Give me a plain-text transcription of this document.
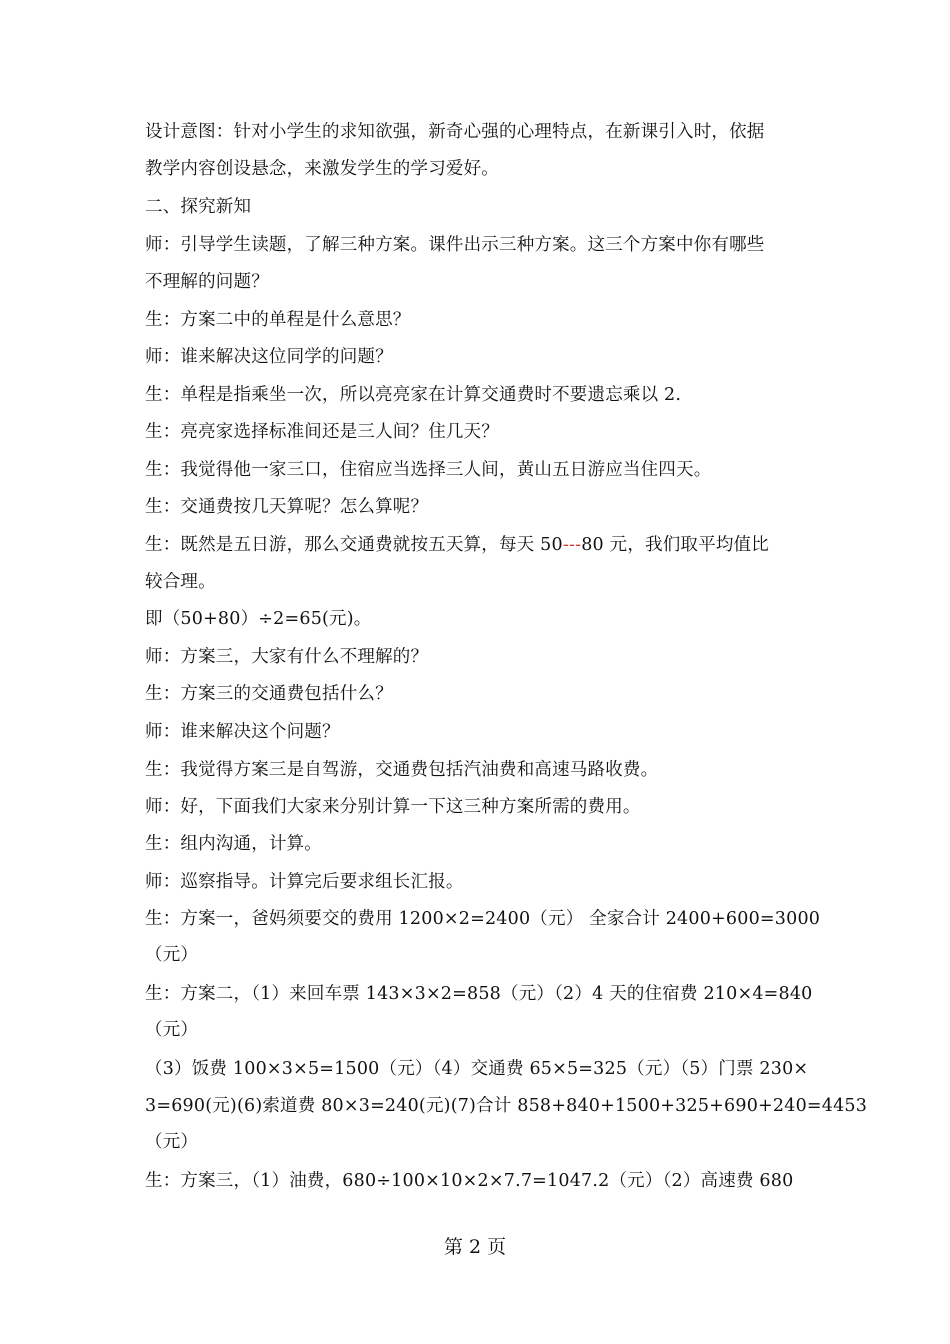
设计意图：针对小学生的求知欲强，新奇心强的心理特点，在新课引入时，依据
教学内容创设悬念，来激发学生的学习爱好。
二、探究新知
师：引导学生读题，了解三种方案。课件出示三种方案。这三个方案中你有哪些
不理解的问题？
生：方案二中的单程是什么意思？
师：谁来解决这位同学的问题？
生：单程是指乘坐一次，所以亮亮家在计算交通费时不要遗忘乘以 2.
生：亮亮家选择标准间还是三人间？住几天？
生：我觉得他一家三口，住宿应当选择三人间，黄山五日游应当住四天。
生：交通费按几天算呢？怎么算呢？
生：既然是五日游，那么交通费就按五天算，每天 50---80 元，我们取平均值比
较合理。
即（50+80）÷2=65(元)。
师：方案三，大家有什么不理解的？
生：方案三的交通费包括什么？
师：谁来解决这个问题？
生：我觉得方案三是自驾游，交通费包括汽油费和高速马路收费。
师：好，下面我们大家来分别计算一下这三种方案所需的费用。
生：组内沟通，计算。
师：巡察指导。计算完后要求组长汇报。
生：方案一，爸妈须要交的费用 1200×2=2400（元） 全家合计 2400+600=3000
（元）
生：方案二，（1）来回车票 143×3×2=858（元）（2）4 天的住宿费 210×4=840
（元）
（3）饭费 100×3×5=1500（元）（4）交通费 65×5=325（元）（5）门票 230×
3=690(元)(6)索道费 80×3=240(元)(7)合计 858+840+1500+325+690+240=4453
（元）
生：方案三，（1）油费，680÷100×10×2×7.7=1047.2（元）（2）高速费 680
第 2 页
